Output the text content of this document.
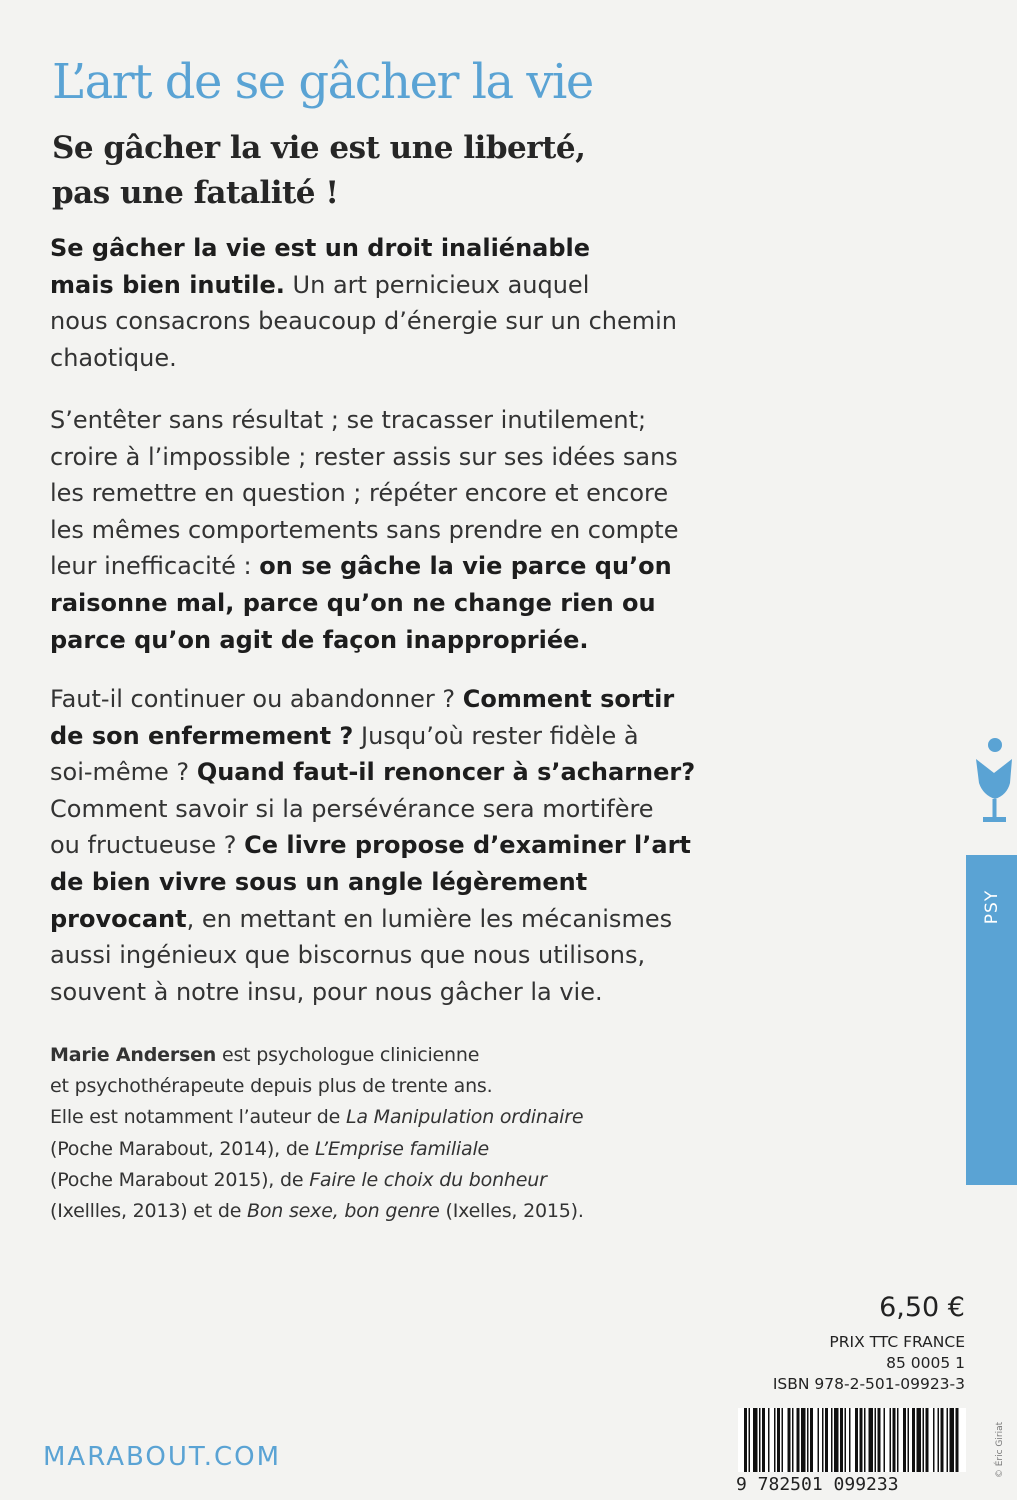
L’art de se gâcher la vie
Se gâcher la vie est une liberté,
pas une fatalité !

Se gâcher la vie est un droit inaliénable
mais bien inutile. Un art pernicieux auquel
nous consacrons beaucoup d’énergie sur un chemin
chaotique.

S’entêter sans résultat ; se tracasser inutilement;
croire à l’impossible ; rester assis sur ses idées sans
les remettre en question ; répéter encore et encore
les mêmes comportements sans prendre en compte
leur inefficacité : on se gâche la vie parce qu’on
raisonne mal, parce qu’on ne change rien ou
parce qu’on agit de façon inappropriée.

Faut-il continuer ou abandonner ? Comment sortir
de son enfermement ? Jusqu’où rester fidèle à
soi-même ? Quand faut-il renoncer à s’acharner?
Comment savoir si la persévérance sera mortifère
ou fructueuse ? Ce livre propose d’examiner l’art
de bien vivre sous un angle légèrement
provocant, en mettant en lumière les mécanismes
aussi ingénieux que biscornus que nous utilisons,
souvent à notre insu, pour nous gâcher la vie.

Marie Andersen est psychologue clinicienne
et psychothérapeute depuis plus de trente ans.
Elle est notamment l’auteur de La Manipulation ordinaire
(Poche Marabout, 2014), de L’Emprise familiale
(Poche Marabout 2015), de Faire le choix du bonheur
(Ixellles, 2013) et de Bon sexe, bon genre (Ixelles, 2015).

PSY
6,50 €
PRIX TTC FRANCE
85 0005 1
ISBN 978-2-501-09923-3
9 782501 099233
© Éric Giriat
MARABOUT.COM
